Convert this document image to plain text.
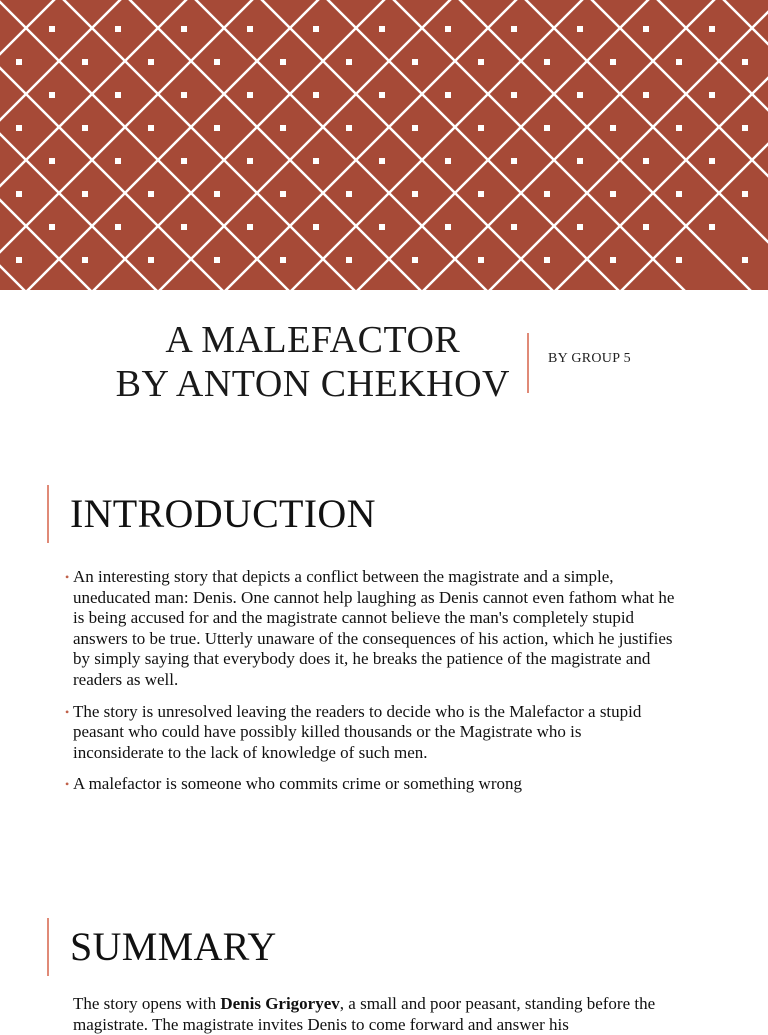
A MALEFACTOR
BY ANTON CHEKHOV
BY GROUP 5
INTRODUCTION
• An interesting story that depicts a conflict between the magistrate and a simple, uneducated man: Denis. One cannot help laughing as Denis cannot even fathom what he is being accused for and the magistrate cannot believe the man's completely stupid answers to be true. Utterly unaware of the consequences of his action, which he justifies by simply saying that everybody does it, he breaks the patience of the magistrate and readers as well.
• The story is unresolved leaving the readers to decide who is the Malefactor a stupid peasant who could have possibly killed thousands or the Magistrate who is inconsiderate to the lack of knowledge of such men.
• A malefactor is someone who commits crime or something wrong
SUMMARY

The story opens with Denis Grigoryev, a small and poor peasant, standing before the magistrate. The magistrate invites Denis to come forward and answer his
